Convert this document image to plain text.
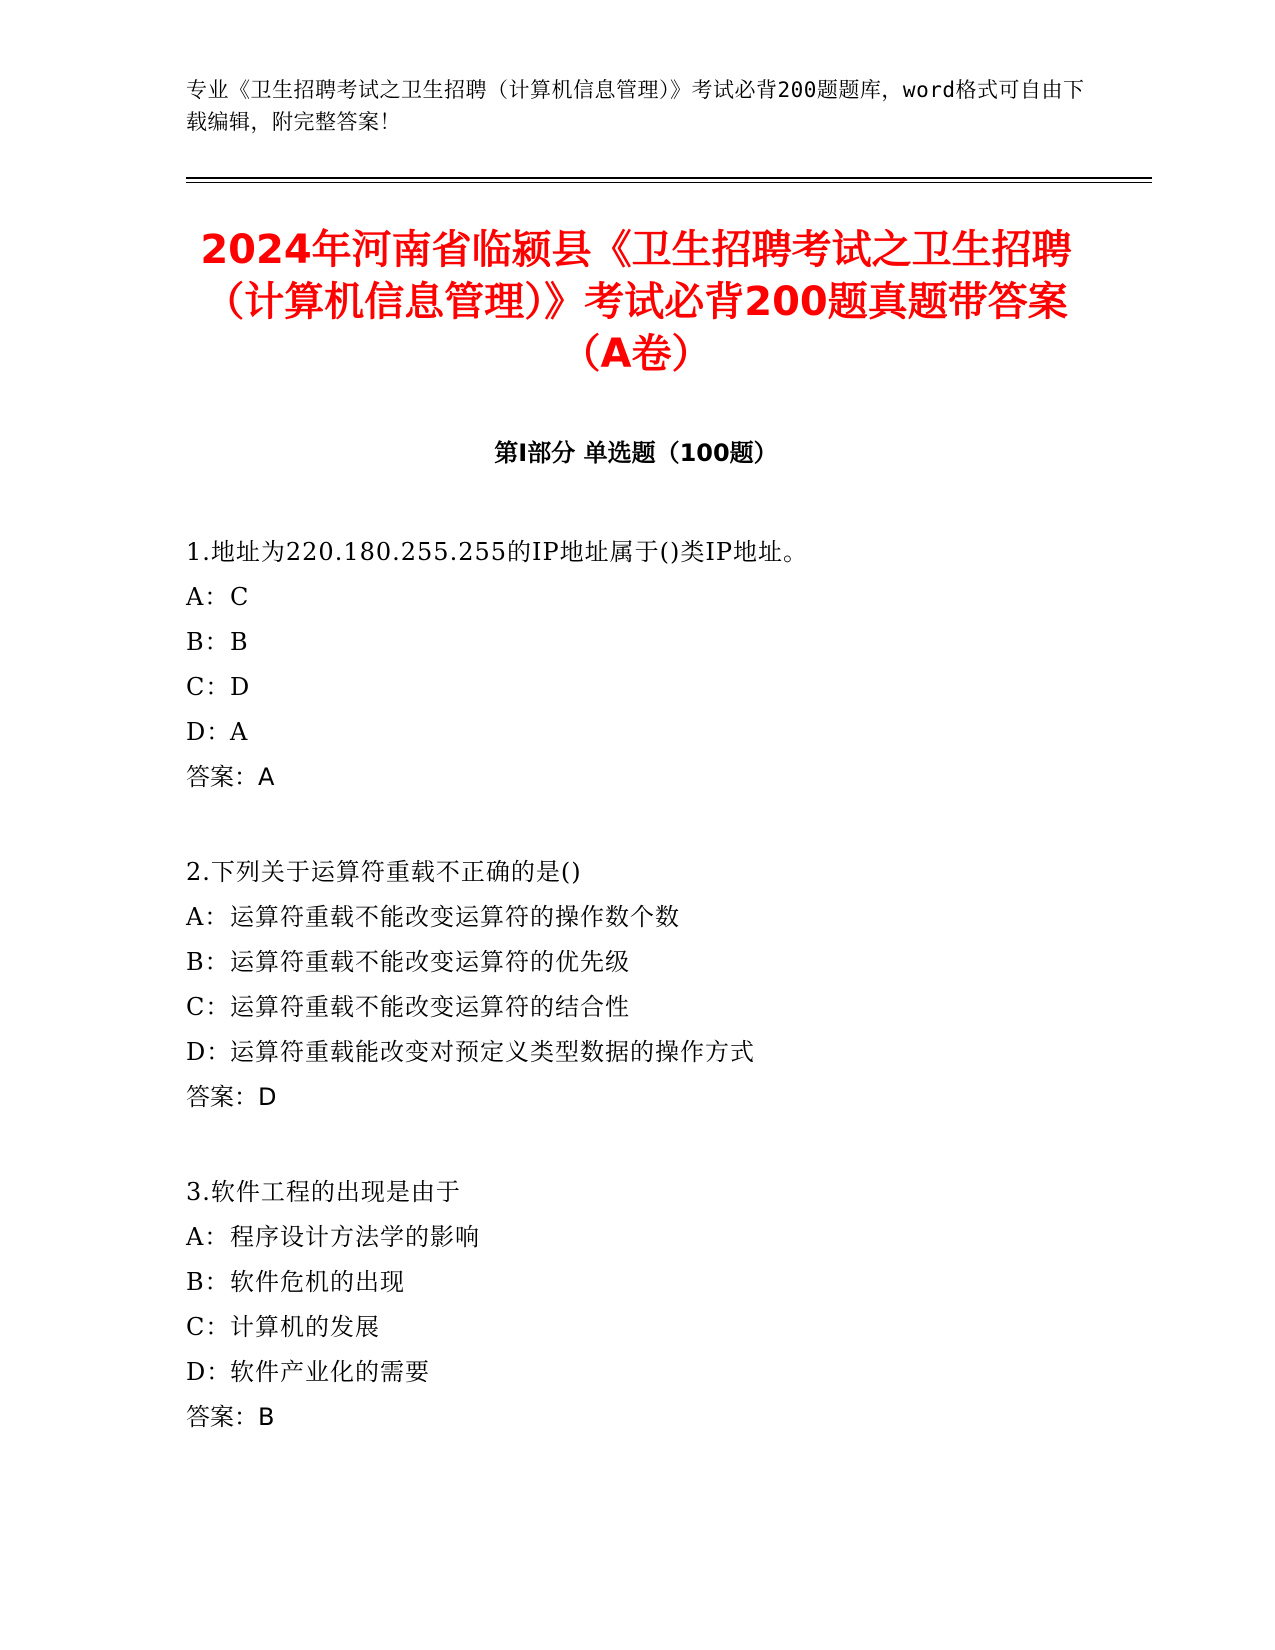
专业《卫生招聘考试之卫生招聘（计算机信息管理）》考试必背200题题库，word格式可自由下载编辑，附完整答案！
2024年河南省临颍县《卫生招聘考试之卫生招聘（计算机信息管理）》考试必背200题真题带答案（A卷）
第I部分 单选题（100题）
1.地址为220.180.255.255的IP地址属于()类IP地址。
A：C
B：B
C：D
D：A
答案：A
2.下列关于运算符重载不正确的是()
A：运算符重载不能改变运算符的操作数个数
B：运算符重载不能改变运算符的优先级
C：运算符重载不能改变运算符的结合性
D：运算符重载能改变对预定义类型数据的操作方式
答案：D
3.软件工程的出现是由于
A：程序设计方法学的影响
B：软件危机的出现
C：计算机的发展
D：软件产业化的需要
答案：B
